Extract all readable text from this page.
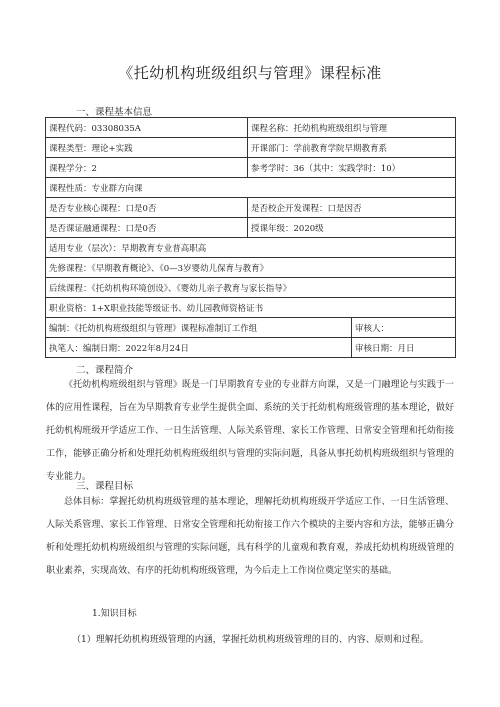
《托幼机构班级组织与管理》课程标准
一、课程基本信息
课程代码：03308035A	课程名称：托幼机构班级组织与管理	
课程类型：理论+实践	开课部门：学前教育学院早期教育系	
课程学分：2	参考学时：36（其中：实践学时：10）	
课程性质：专业群方向课		
是否专业核心课程：口是0否	是否校企开发课程：口是因否	
是否课证融通课程：口是0否	授课年级：2020级	
适用专业（层次）：早期教育专业普高职高		
先修课程：《早期教育概论》、《0—3岁婴幼儿保育与教育》		
后续课程：《托幼机构环境创设》、《婴幼儿亲子教育与家长指导》		
职业资格：1+X职业技能等级证书、幼儿园教师资格证书		
编制：《托幼机构班级组织与管理》课程标准制订工作组		审核人：
执笔人：编制日期：2022年8月24日		审核日期：月日
二、课程简介
《托幼机构班级组织与管理》既是一门早期教育专业的专业群方向课，又是一门融理论与实践于一体的应用性课程，旨在为早期教育专业学生提供全面、系统的关于托幼机构班级管理的基本理论，做好托幼机构班级开学适应工作、一日生活管理、人际关系管理、家长工作管理、日常安全管理和托幼衔接工作，能够正确分析和处理托幼机构班级组织与管理的实际问题，具备从事托幼机构班级组织与管理的专业能力。
三、课程目标
总体目标：掌握托幼机构班级管理的基本理论，理解托幼机构班级开学适应工作、一日生活管理、人际关系管理、家长工作管理、日常安全管理和托幼衔接工作六个模块的主要内容和方法，能够正确分析和处理托幼机构班级组织与管理的实际问题，具有科学的儿童观和教育观，养成托幼机构班级管理的职业素养，实现高效、有序的托幼机构班级管理，为今后走上工作岗位奠定坚实的基础。
1.知识目标
（1）理解托幼机构班级管理的内涵，掌握托幼机构班级管理的目的、内容、原则和过程。
